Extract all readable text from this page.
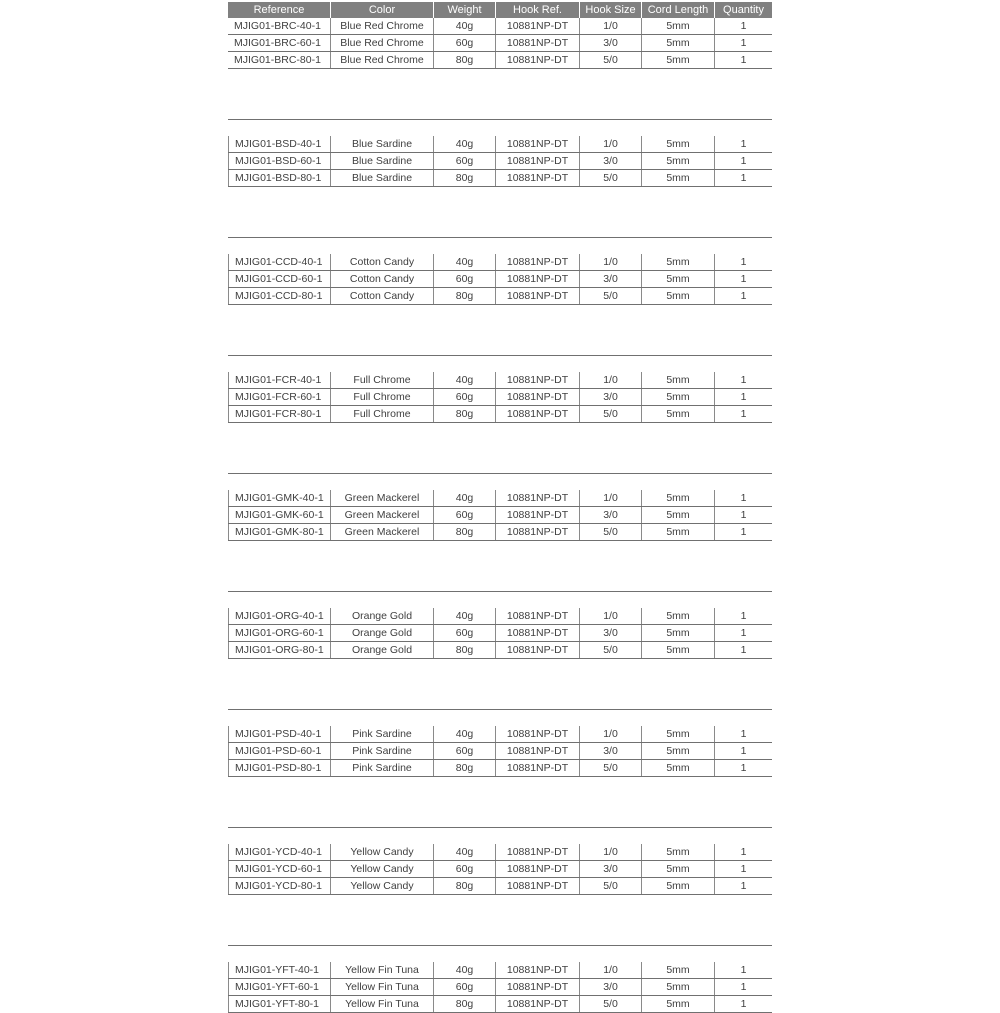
Reference	Color	Weight	Hook Ref.	Hook Size	Cord Length	Quantity
MJIG01-BRC-40-1	Blue Red Chrome	40g	10881NP-DT	1/0	5mm	1
MJIG01-BRC-60-1	Blue Red Chrome	60g	10881NP-DT	3/0	5mm	1
MJIG01-BRC-80-1	Blue Red Chrome	80g	10881NP-DT	5/0	5mm	1
MJIG01-BSD-40-1	Blue Sardine	40g	10881NP-DT	1/0	5mm	1
MJIG01-BSD-60-1	Blue Sardine	60g	10881NP-DT	3/0	5mm	1
MJIG01-BSD-80-1	Blue Sardine	80g	10881NP-DT	5/0	5mm	1
MJIG01-CCD-40-1	Cotton Candy	40g	10881NP-DT	1/0	5mm	1
MJIG01-CCD-60-1	Cotton Candy	60g	10881NP-DT	3/0	5mm	1
MJIG01-CCD-80-1	Cotton Candy	80g	10881NP-DT	5/0	5mm	1
MJIG01-FCR-40-1	Full Chrome	40g	10881NP-DT	1/0	5mm	1
MJIG01-FCR-60-1	Full Chrome	60g	10881NP-DT	3/0	5mm	1
MJIG01-FCR-80-1	Full Chrome	80g	10881NP-DT	5/0	5mm	1
MJIG01-GMK-40-1	Green Mackerel	40g	10881NP-DT	1/0	5mm	1
MJIG01-GMK-60-1	Green Mackerel	60g	10881NP-DT	3/0	5mm	1
MJIG01-GMK-80-1	Green Mackerel	80g	10881NP-DT	5/0	5mm	1
MJIG01-ORG-40-1	Orange Gold	40g	10881NP-DT	1/0	5mm	1
MJIG01-ORG-60-1	Orange Gold	60g	10881NP-DT	3/0	5mm	1
MJIG01-ORG-80-1	Orange Gold	80g	10881NP-DT	5/0	5mm	1
MJIG01-PSD-40-1	Pink Sardine	40g	10881NP-DT	1/0	5mm	1
MJIG01-PSD-60-1	Pink Sardine	60g	10881NP-DT	3/0	5mm	1
MJIG01-PSD-80-1	Pink Sardine	80g	10881NP-DT	5/0	5mm	1
MJIG01-YCD-40-1	Yellow Candy	40g	10881NP-DT	1/0	5mm	1
MJIG01-YCD-60-1	Yellow Candy	60g	10881NP-DT	3/0	5mm	1
MJIG01-YCD-80-1	Yellow Candy	80g	10881NP-DT	5/0	5mm	1
MJIG01-YFT-40-1	Yellow Fin Tuna	40g	10881NP-DT	1/0	5mm	1
MJIG01-YFT-60-1	Yellow Fin Tuna	60g	10881NP-DT	3/0	5mm	1
MJIG01-YFT-80-1	Yellow Fin Tuna	80g	10881NP-DT	5/0	5mm	1
